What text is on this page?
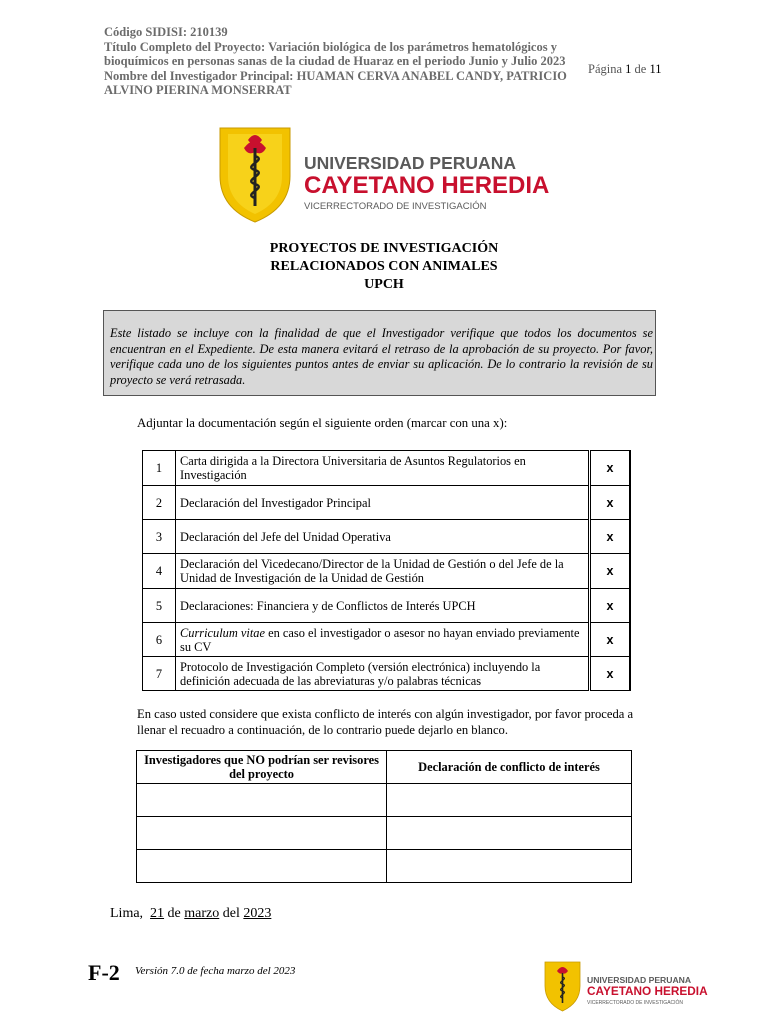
Código SIDISI: 210139
Título Completo del Proyecto: Variación biológica de los parámetros hematológicos y bioquímicos en personas sanas de la ciudad de Huaraz en el periodo Junio y Julio 2023
Nombre del Investigador Principal: HUAMAN CERVA ANABEL CANDY, PATRICIO ALVINO PIERINA MONSERRAT
Página 1 de 11
UNIVERSIDAD PERUANA
CAYETANO HEREDIA
VICERRECTORADO DE INVESTIGACIÓN
PROYECTOS DE INVESTIGACIÓN
RELACIONADOS CON ANIMALES
UPCH
Este listado se incluye con la finalidad de que el Investigador verifique que todos los documentos se encuentran en el Expediente. De esta manera evitará el retraso de la aprobación de su proyecto. Por favor, verifique cada uno de los siguientes puntos antes de enviar su aplicación. De lo contrario la revisión de su proyecto se verá retrasada.
Adjuntar la documentación según el siguiente orden (marcar con una x):
1	Carta dirigida a la Directora Universitaria de Asuntos Regulatorios en Investigación	x
2	Declaración del Investigador Principal	x
3	Declaración del Jefe del Unidad Operativa	x
4	Declaración del Vicedecano/Director de la Unidad de Gestión o del Jefe de la Unidad de Investigación de la Unidad de Gestión	x
5	Declaraciones: Financiera y de Conflictos de Interés UPCH	x
6	Curriculum vitae en caso el investigador o asesor no hayan enviado previamente su CV	x
7	Protocolo de Investigación Completo (versión electrónica) incluyendo la definición adecuada de las abreviaturas y/o palabras técnicas	x
En caso usted considere que exista conflicto de interés con algún investigador, por favor proceda a llenar el recuadro a continuación, de lo contrario puede dejarlo en blanco.
Investigadores que NO podrían ser revisores del proyecto	Declaración de conflicto de interés

Lima, 21 de marzo del 2023
F-2 Versión 7.0 de fecha marzo del 2023
UNIVERSIDAD PERUANA
CAYETANO HEREDIA
VICERRECTORADO DE INVESTIGACIÓN
